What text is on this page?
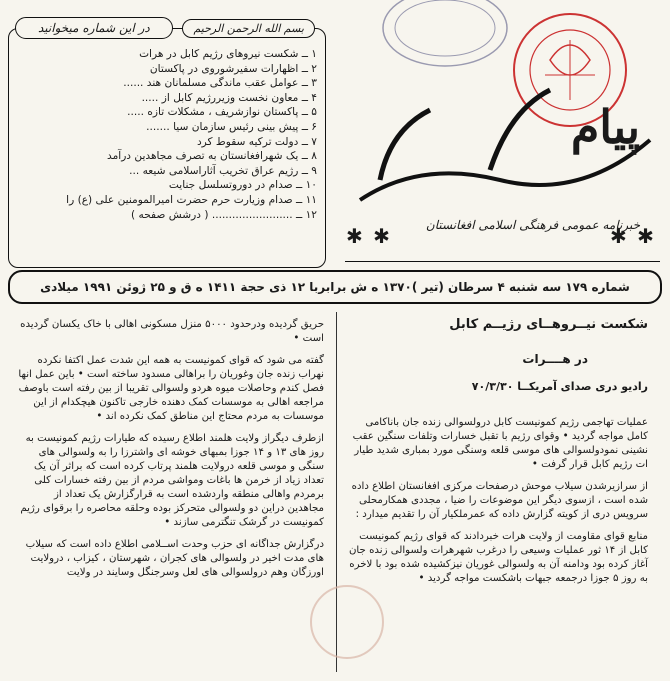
پیام
خبرنامه عمومی فرهنگی اسلامی افغانستان
✱ ✱	✱ ✱
بسم الله الرحمن الرحيم
در این شماره میخوانید
۱ ــ شکست نیروهای رژیم کابل در هرات
۲ ــ اظهارات سفیرشوروی در پاکستان
۳ ــ عوامل عقب ماندگی مسلمانان هند ......
۴ ــ معاون نخست وزیررژیم کابل از .....
۵ ــ پاکستان نوازشریف ، مشکلات تازه .....
۶ ــ پیش بینی رئیس سازمان سیا .......
۷ ــ دولت ترکیه سقوط کرد
۸ ــ یک شهرافغانستان به تصرف مجاهدین درآمد
۹ ــ رژیم عراق تخریب آثاراسلامی شیعه ...
۱۰ ــ صدام در دوروتسلسل جنایت
۱۱ ــ صدام وزیارت حرم حضرت امیرالمومنین علی (ع) را
۱۲ ــ ........................ ( درشش صفحه )
شماره ۱۷۹ سه شنبه ۴ سرطان (تیر )۱۳۷۰ ه ش برابربا ۱۲ ذی حجة ۱۴۱۱ ه ق و ۲۵ ژوئن ۱۹۹۱ میلادی

شکست نیــروهــای رژیــم کابل

در هــــرات

رادیو دری صدای آمریکــا ۷۰/۳/۳۰

عملیات تهاجمی رژیم کمونیست کابل درولسوالی زنده جان باناکامی کامل مواجه گردید • وقوای رژیم با تقبل خسارات وتلفات سنگین عقب نشینی نمودولسوالی های موسی قلعه وسنگی مورد بمباری شدید طیار ات رژیم کابل قرار گرفت •

از سرازیرشدن سیلاب موحش درصفحات مرکزی افغانستان اطلاع داده شده است ، ازسوی دیگر این موضوعات را ضیا ، مجددی همکارمحلی سرویس دری از کویته گزارش داده که عمرملکیار آن را تقدیم میدارد :

منابع قوای مقاومت از ولایت هرات خبردادند که قوای رژیم کمونیست کابل از ۱۴ ثور عملیات وسیعی را درغرب شهرهرات ولسوالی زنده جان آغاز کرده بود ودامنه آن به ولسوالی غوریان نیزکشیده شده بود با لاخره به روز ۵ جوزا درجمعه جبهات باشکست مواجه گردید •

حریق گردیده ودرحدود ۵۰۰۰ منزل مسکونی اهالی با خاک یکسان گردیده است •

گفته می شود که قوای کمونیست به همه این شدت عمل اکتفا نکرده نهراب زنده جان وغوریان را براهالی مسدود ساخته است • باین عمل انها فصل کندم وحاصلات میوه هردو ولسوالی تقریبا از بین رفته است باوصف مراجعه اهالی به موسسات کمک دهنده خارجی تاکنون هیچکدام از این موسسات به مردم محتاج این مناطق کمک نکرده اند •

ازطرف دیگراز ولایت هلمند اطلاع رسیده که طیارات رژیم کمونیست به روز های ۱۳ و ۱۴ جوزا بمبهای خوشه ای واشترزا را به ولسوالی های سنگی و موسی قلعه درولایت هلمند پرتاب کرده است که براثر آن یک تعداد زیاد از خرمن ها باغات ومواشی مردم از بین رفته خسارات کلی برمردم واهالی منطقه واردشده است به قرارگزارش یک تعداد از مجاهدین دراین دو ولسوالی متحرکز بوده وحلقه محاصره را برقوای رژیم کمونیست در گرشک تنگترمی سازند •

درگزارش جداگانه ای حزب وحدت اســلامی اطلاع داده است که سیلاب های مدت اخیر در ولسوالی های کجران ، شهرستان ، کیزاب ، درولایت اورزگان وهم درولسوالی های لعل وسرجنگل وسایند در ولایت
